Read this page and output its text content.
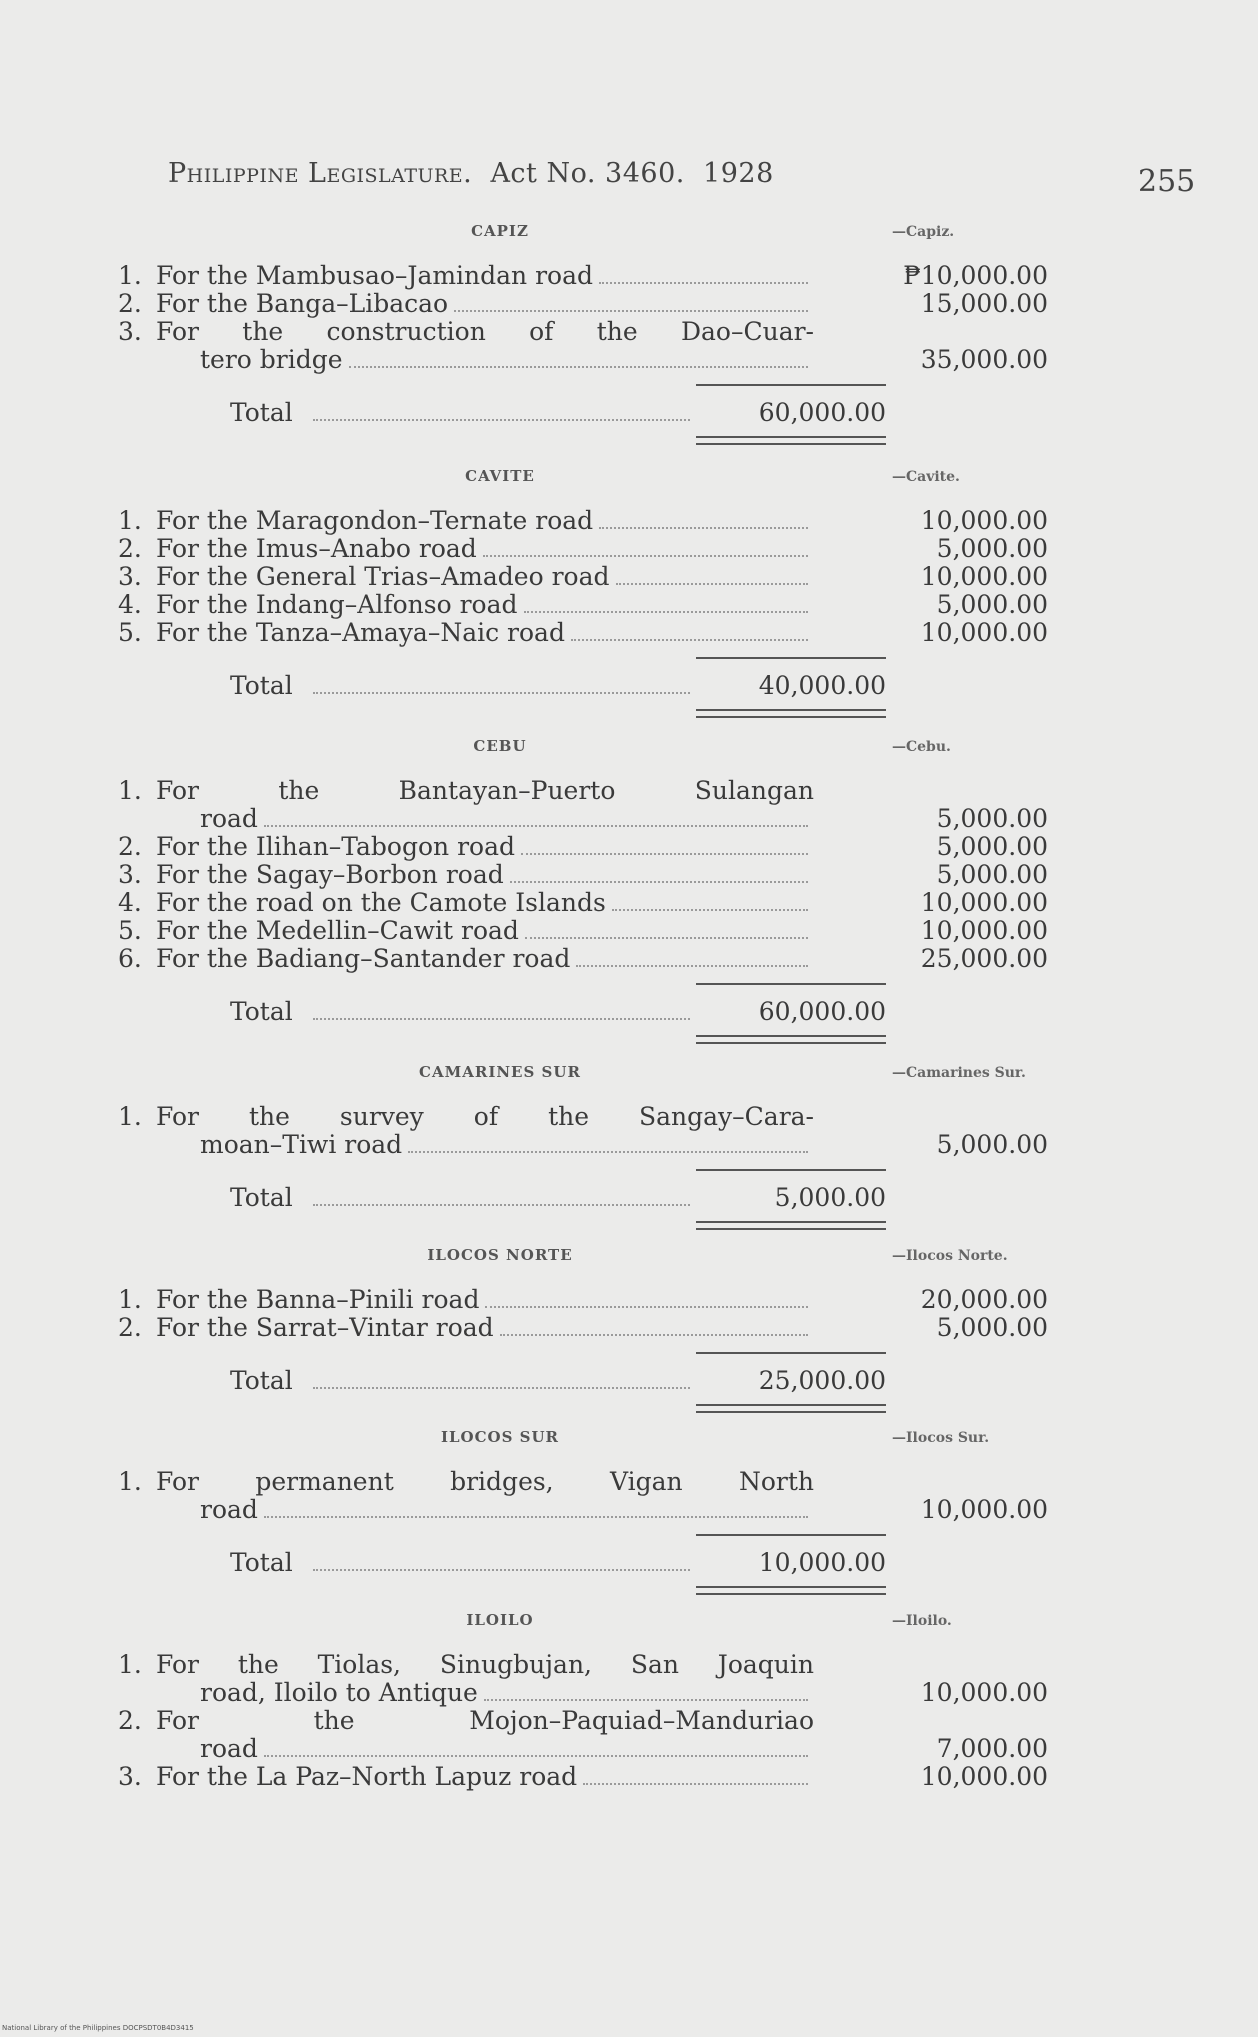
Philippine Legislature. Act No. 3460. 1928	255
CAPIZ	—Capiz.
1. For the Mambusao–Jamindan road	₱10,000.00
2. For the Banga–Libacao	15,000.00
3. For the construction of the Dao–Cuar-
tero bridge	35,000.00
Total	60,000.00
CAVITE	—Cavite.
1. For the Maragondon–Ternate road	10,000.00
2. For the Imus–Anabo road	5,000.00
3. For the General Trias–Amadeo road	10,000.00
4. For the Indang–Alfonso road	5,000.00
5. For the Tanza–Amaya–Naic road	10,000.00
Total	40,000.00
CEBU	—Cebu.
1. For the Bantayan–Puerto Sulangan
road	5,000.00
2. For the Ilihan–Tabogon road	5,000.00
3. For the Sagay–Borbon road	5,000.00
4. For the road on the Camote Islands	10,000.00
5. For the Medellin–Cawit road	10,000.00
6. For the Badiang–Santander road	25,000.00
Total	60,000.00
CAMARINES SUR	—Camarines Sur.
1. For the survey of the Sangay–Cara-
moan–Tiwi road	5,000.00
Total	5,000.00
ILOCOS NORTE	—Ilocos Norte.
1. For the Banna–Pinili road	20,000.00
2. For the Sarrat–Vintar road	5,000.00
Total	25,000.00
ILOCOS SUR	—Ilocos Sur.
1. For permanent bridges, Vigan North
road	10,000.00
Total	10,000.00
ILOILO	—Iloilo.
1. For the Tiolas, Sinugbujan, San Joaquin
road, Iloilo to Antique	10,000.00
2. For the Mojon–Paquiad–Manduriao
road	7,000.00
3. For the La Paz–North Lapuz road	10,000.00
National Library of the Philippines DOCPSDT0B4D3415
